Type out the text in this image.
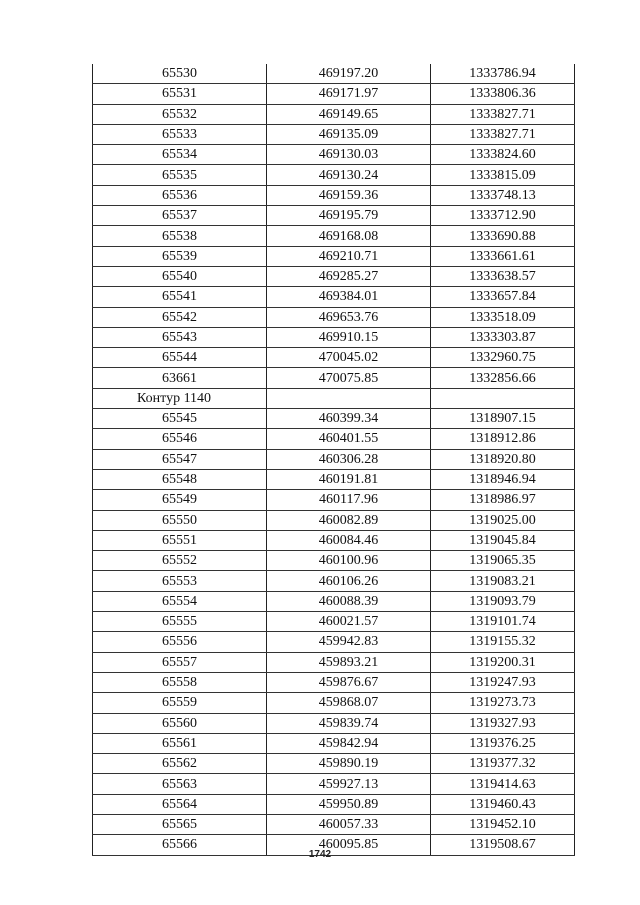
65530	469197.20	1333786.94
65531	469171.97	1333806.36
65532	469149.65	1333827.71
65533	469135.09	1333827.71
65534	469130.03	1333824.60
65535	469130.24	1333815.09
65536	469159.36	1333748.13
65537	469195.79	1333712.90
65538	469168.08	1333690.88
65539	469210.71	1333661.61
65540	469285.27	1333638.57
65541	469384.01	1333657.84
65542	469653.76	1333518.09
65543	469910.15	1333303.87
65544	470045.02	1332960.75
63661	470075.85	1332856.66
Контур 1140		
65545	460399.34	1318907.15
65546	460401.55	1318912.86
65547	460306.28	1318920.80
65548	460191.81	1318946.94
65549	460117.96	1318986.97
65550	460082.89	1319025.00
65551	460084.46	1319045.84
65552	460100.96	1319065.35
65553	460106.26	1319083.21
65554	460088.39	1319093.79
65555	460021.57	1319101.74
65556	459942.83	1319155.32
65557	459893.21	1319200.31
65558	459876.67	1319247.93
65559	459868.07	1319273.73
65560	459839.74	1319327.93
65561	459842.94	1319376.25
65562	459890.19	1319377.32
65563	459927.13	1319414.63
65564	459950.89	1319460.43
65565	460057.33	1319452.10
65566	460095.85	1319508.67
1742
